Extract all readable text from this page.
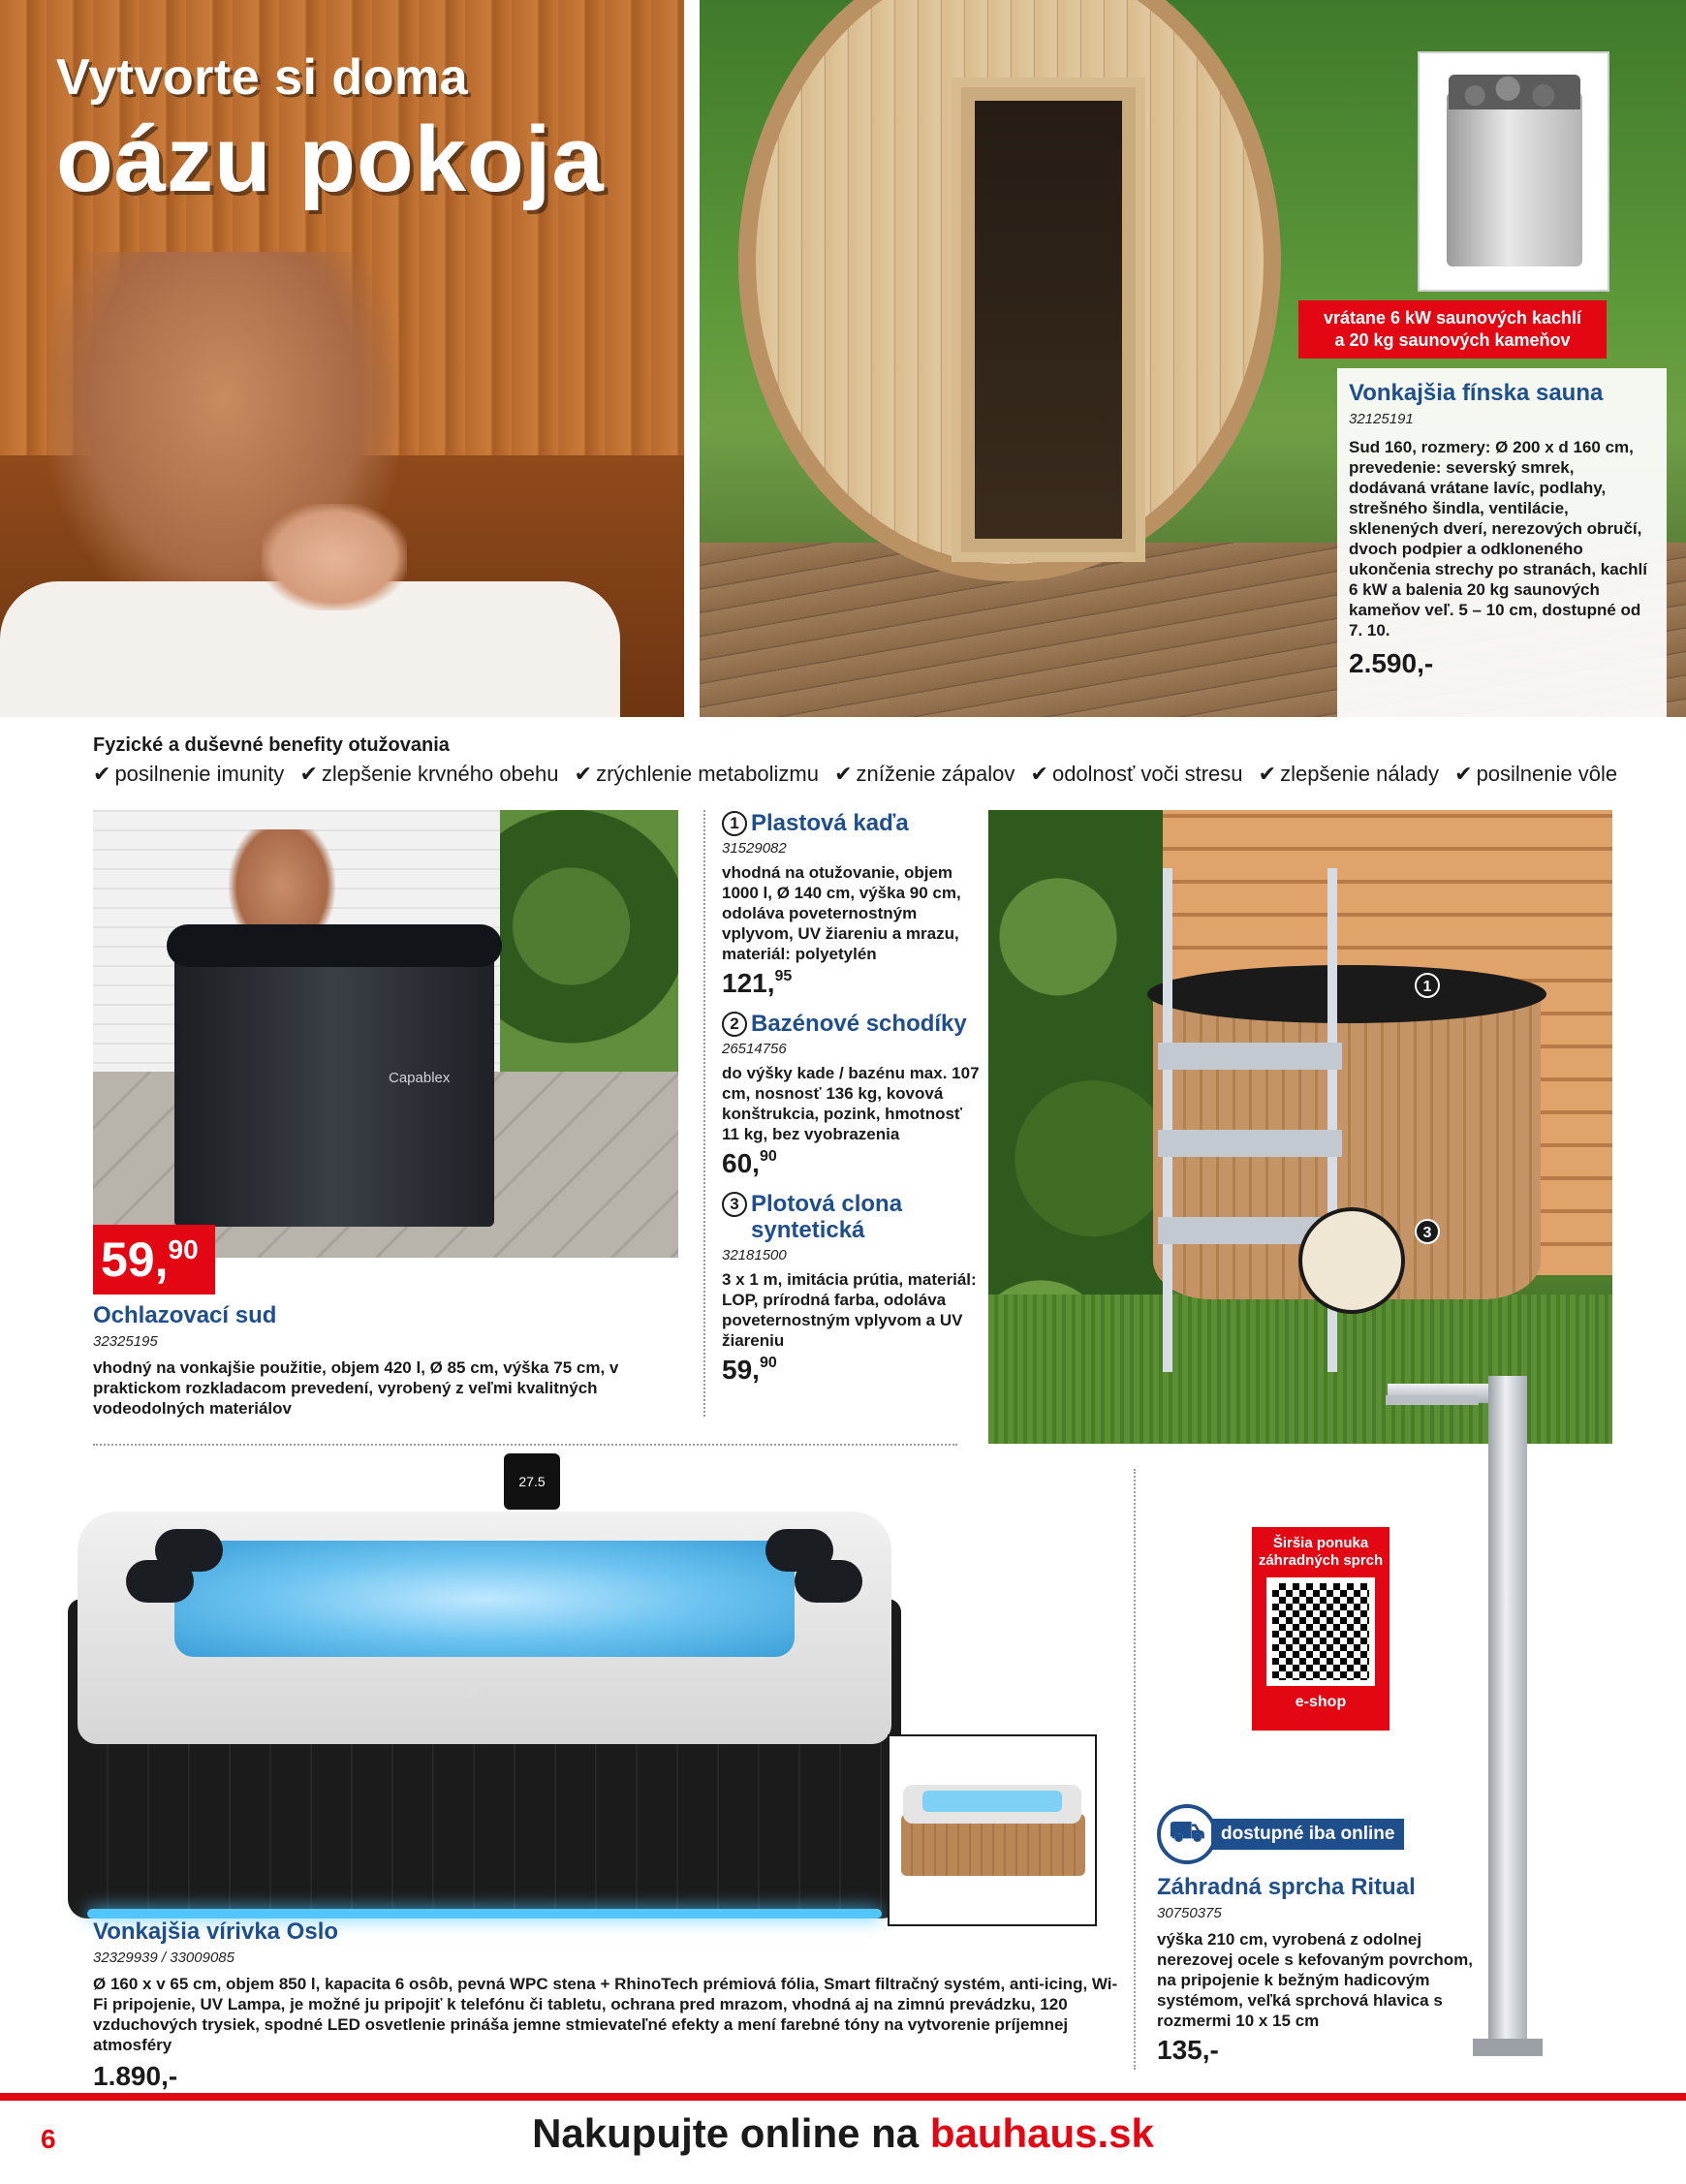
Vytvorte si doma
oázu pokoja
vrátane 6 kW saunových kachlí
a 20 kg saunových kameňov
Vonkajšia fínska sauna
32125191
Sud 160, rozmery: Ø 200 x d 160 cm, prevedenie: severský smrek, dodávaná vrátane lavíc, podlahy, strešného šindla, ventilácie, sklenených dverí, nerezových obručí, dvoch podpier a odkloneného ukončenia strechy po stranách, kachlí 6 kW a balenia 20 kg saunových kameňov veľ. 5 – 10 cm, dostupné od 7. 10.
2.590,-
Fyzické a duševné benefity otužovania
✔ posilnenie imunity ✔ zlepšenie krvného obehu ✔ zrýchlenie metabolizmu ✔ zníženie zápalov ✔ odolnosť voči stresu ✔ zlepšenie nálady ✔ posilnenie vôle
Capablex
59,90
Ochlazovací sud
32325195
vhodný na vonkajšie použitie, objem 420 l, Ø 85 cm, výška 75 cm, v praktickom rozkladacom prevedení, vyrobený z veľmi kvalitných vodeodolných materiálov
1 Plastová kaďa
31529082
vhodná na otužovanie, objem 1000 l, Ø 140 cm, výška 90 cm, odoláva poveternostným vplyvom, UV žiareniu a mrazu, materiál: polyetylén
121,95
2 Bazénové schodíky
26514756
do výšky kade / bazénu max. 107 cm, nosnosť 136 kg, kovová konštrukcia, pozink, hmotnosť 11 kg, bez vyobrazenia
60,90
3 Plotová clona syntetická
32181500
3 x 1 m, imitácia prútia, materiál: LOP, prírodná farba, odoláva poveternostným vplyvom a UV žiareniu
59,90
1
3
27.5
m
Vonkajšia vírivka Oslo
32329939 / 33009085
Ø 160 x v 65 cm, objem 850 l, kapacita 6 osôb, pevná WPC stena + RhinoTech prémiová fólia, Smart filtračný systém, anti-icing, Wi-Fi pripojenie, UV Lampa, je možné ju pripojiť k telefónu či tabletu, ochrana pred mrazom, vhodná aj na zimnú prevádzku, 120 vzduchových trysiek, spodné LED osvetlenie prináša jemne stmievateľné efekty a mení farebné tóny na vytvorenie príjemnej atmosféry
1.890,-
Širšia ponuka
záhradných sprch
e-shop
⛟ dostupné iba online
Záhradná sprcha Ritual
30750375
výška 210 cm, vyrobená z odolnej nerezovej ocele s kefovaným povrchom, na pripojenie k bežným hadicovým systémom, veľká sprchová hlavica s rozmermi 10 x 15 cm
135,-
Nakupujte online na bauhaus.sk
6
